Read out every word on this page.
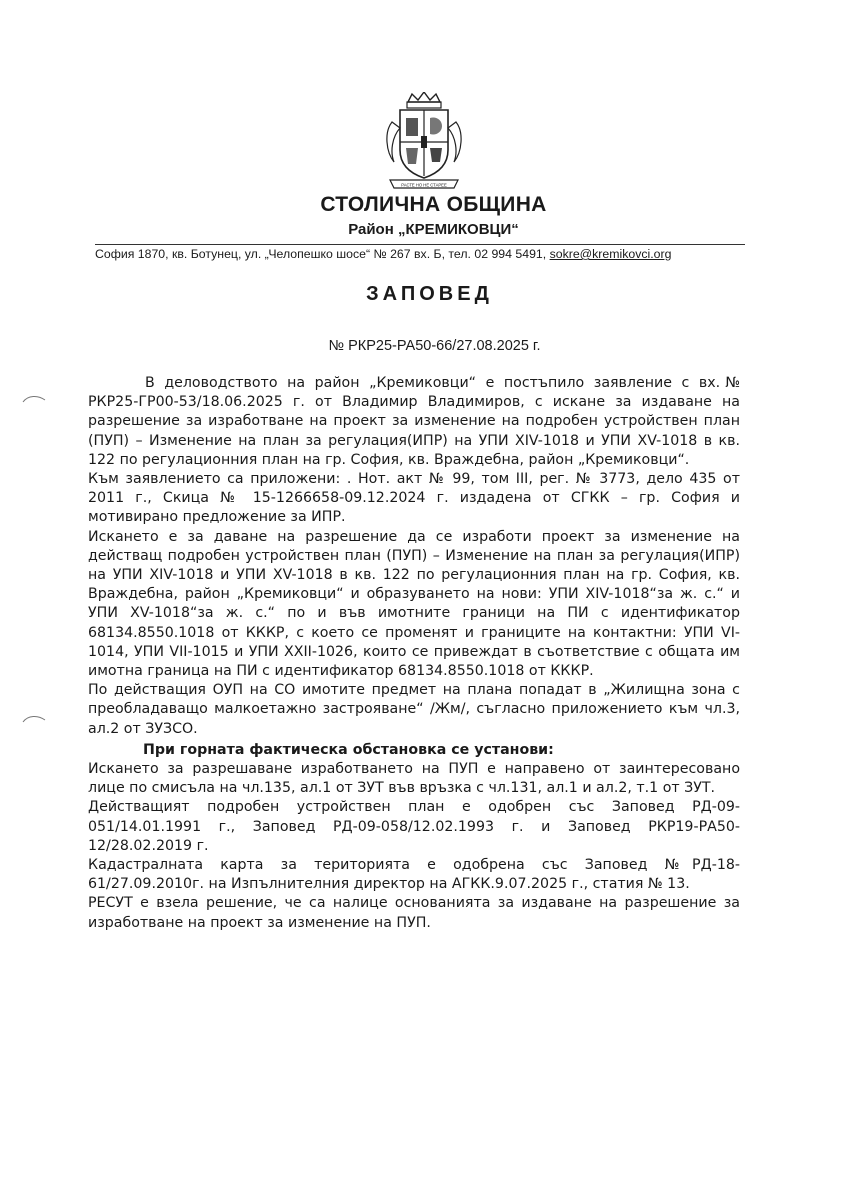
РАСТЕ НО НЕ СТАРЕЕ
СТОЛИЧНА ОБЩИНА
Район „КРЕМИКОВЦИ“
София 1870, кв. Ботунец, ул. „Челопешко шосе“ № 267 вх. Б, тел. 02 994 5491, sokre@kremikovci.org
ЗАПОВЕД
№ РКР25-РА50-66/27.08.2025 г.

В деловодството на район „Кремиковци“ е постъпило заявление с вх.№ РКР25-ГР00-53/18.06.2025 г. от Владимир Владимиров, с искане за издаване на разрешение за изработване на проект за изменение на подробен устройствен план (ПУП) – Изменение на план за регулация(ИПР) на УПИ XIV-1018 и УПИ XV-1018 в кв. 122 по регулационния план на гр. София, кв. Враждебна, район „Кремиковци“.

Към заявлението са приложени: . Нот. акт № 99, том III, рег. № 3773, дело 435 от 2011 г., Скица № 15-1266658-09.12.2024 г. издадена от СГКК – гр. София и мотивирано предложение за ИПР.

Искането е за даване на разрешение да се изработи проект за изменение на действащ подробен устройствен план (ПУП) – Изменение на план за регулация(ИПР) на УПИ XIV-1018 и УПИ XV-1018 в кв. 122 по регулационния план на гр. София, кв. Враждебна, район „Кремиковци“ и образуването на нови: УПИ XIV-1018“за ж. с.“ и УПИ XV-1018“за ж. с.“ по и във имотните граници на ПИ с идентификатор 68134.8550.1018 от КККР, с което се променят и границите на контактни: УПИ VI-1014, УПИ VII-1015 и УПИ XXII-1026, които се привеждат в съответствие с общата им имотна граница на ПИ с идентификатор 68134.8550.1018 от КККР.

По действащия ОУП на СО имотите предмет на плана попадат в „Жилищна зона с преобладаващо малкоетажно застрояване“ /Жм/, съгласно приложението към чл.3, ал.2 от ЗУЗСО.

При горната фактическа обстановка се установи:

Искането за разрешаване изработването на ПУП е направено от заинтересовано лице по смисъла на чл.135, ал.1 от ЗУТ във връзка с чл.131, ал.1 и ал.2, т.1 от ЗУТ.

Действащият подробен устройствен план е одобрен със Заповед РД-09-051/14.01.1991 г., Заповед РД-09-058/12.02.1993 г. и Заповед РКР19-РА50-12/28.02.2019 г.

Кадастралната карта за територията е одобрена със Заповед №РД-18-61/27.09.2010г. на Изпълнителния директор на АГКК.9.07.2025 г., статия № 13.

РЕСУТ е взела решение, че са налице основанията за издаване на разрешение за изработване на проект за изменение на ПУП.
